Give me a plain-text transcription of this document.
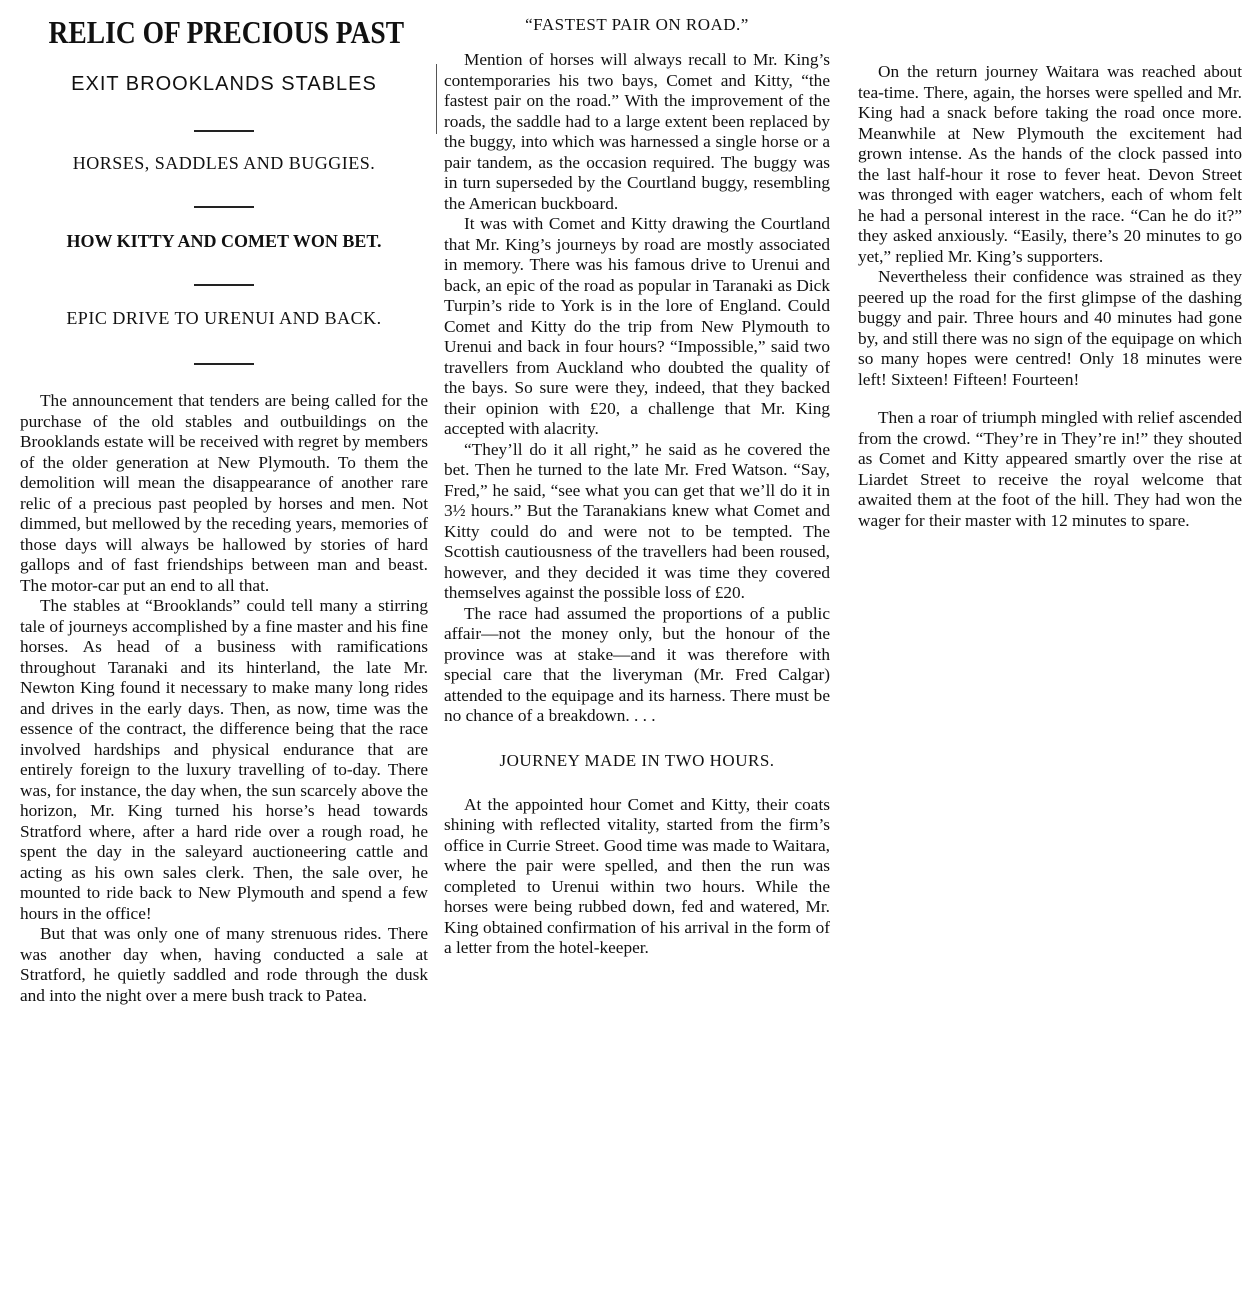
RELIC OF PRECIOUS PAST
EXIT BROOKLANDS STABLES
HORSES, SADDLES AND BUGGIES.
HOW KITTY AND COMET WON BET.
EPIC DRIVE TO URENUI AND BACK.

The announcement that tenders are being called for the purchase of the old stables and outbuildings on the Brooklands estate will be received with regret by members of the older generation at New Plymouth. To them the demolition will mean the disappearance of another rare relic of a precious past peopled by horses and men. Not dimmed, but mellowed by the receding years, memories of those days will always be hallowed by stories of hard gallops and of fast friendships between man and beast. The motor-car put an end to all that.

The stables at “Brooklands” could tell many a stirring tale of journeys accomplished by a fine master and his fine horses. As head of a business with ramifications throughout Taranaki and its hinterland, the late Mr. Newton King found it necessary to make many long rides and drives in the early days. Then, as now, time was the essence of the contract, the difference being that the race involved hardships and physical endurance that are entirely foreign to the luxury travelling of to-day. There was, for instance, the day when, the sun scarcely above the horizon, Mr. King turned his horse’s head towards Stratford where, after a hard ride over a rough road, he spent the day in the saleyard auctioneering cattle and acting as his own sales clerk. Then, the sale over, he mounted to ride back to New Plymouth and spend a few hours in the office!

But that was only one of many strenuous rides. There was another day when, having conducted a sale at Stratford, he quietly saddled and rode through the dusk and into the night over a mere bush track to Patea.

“FASTEST PAIR ON ROAD.”

Mention of horses will always recall to Mr. King’s contemporaries his two bays, Comet and Kitty, “the fastest pair on the road.” With the improvement of the roads, the saddle had to a large extent been replaced by the buggy, into which was harnessed a single horse or a pair tandem, as the occasion required. The buggy was in turn superseded by the Courtland buggy, resembling the American buckboard.

It was with Comet and Kitty drawing the Courtland that Mr. King’s journeys by road are mostly associated in memory. There was his famous drive to Urenui and back, an epic of the road as popular in Taranaki as Dick Turpin’s ride to York is in the lore of England. Could Comet and Kitty do the trip from New Plymouth to Urenui and back in four hours? “Impossible,” said two travellers from Auckland who doubted the quality of the bays. So sure were they, indeed, that they backed their opinion with £20, a challenge that Mr. King accepted with alacrity.

“They’ll do it all right,” he said as he covered the bet. Then he turned to the late Mr. Fred Watson. “Say, Fred,” he said, “see what you can get that we’ll do it in 3½ hours.” But the Taranakians knew what Comet and Kitty could do and were not to be tempted. The Scottish cautiousness of the travellers had been roused, however, and they decided it was time they covered themselves against the possible loss of £20.

The race had assumed the proportions of a public affair—not the money only, but the honour of the province was at stake—and it was therefore with special care that the liveryman (Mr. Fred Calgar) attended to the equipage and its harness. There must be no chance of a breakdown. . . .

JOURNEY MADE IN TWO HOURS.

At the appointed hour Comet and Kitty, their coats shining with reflected vitality, started from the firm’s office in Currie Street. Good time was made to Waitara, where the pair were spelled, and then the run was completed to Urenui within two hours. While the horses were being rubbed down, fed and watered, Mr. King obtained confirmation of his arrival in the form of a letter from the hotel-keeper.

On the return journey Waitara was reached about tea-time. There, again, the horses were spelled and Mr. King had a snack before taking the road once more. Meanwhile at New Plymouth the excitement had grown intense. As the hands of the clock passed into the last half-hour it rose to fever heat. Devon Street was thronged with eager watchers, each of whom felt he had a personal interest in the race. “Can he do it?” they asked anxiously. “Easily, there’s 20 minutes to go yet,” replied Mr. King’s supporters.

Nevertheless their confidence was strained as they peered up the road for the first glimpse of the dashing buggy and pair. Three hours and 40 minutes had gone by, and still there was no sign of the equipage on which so many hopes were centred! Only 18 minutes were left! Sixteen! Fifteen! Fourteen!

Then a roar of triumph mingled with relief ascended from the crowd. “They’re in They’re in!” they shouted as Comet and Kitty appeared smartly over the rise at Liardet Street to receive the royal welcome that awaited them at the foot of the hill. They had won the wager for their master with 12 minutes to spare.
